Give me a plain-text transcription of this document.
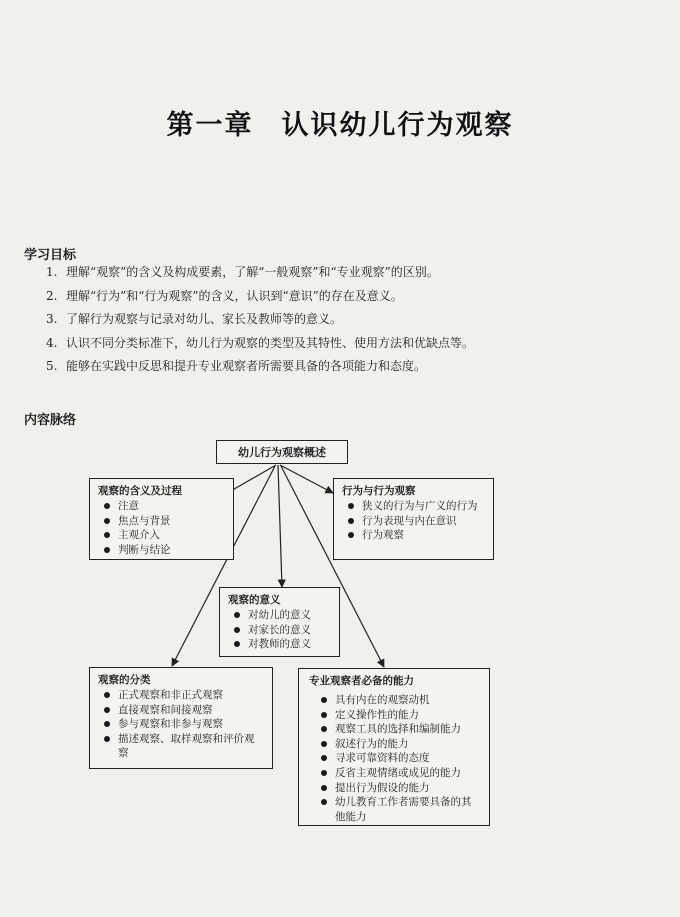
第一章 认识幼儿行为观察
学习目标
1. 理解“观察”的含义及构成要素，了解“一般观察”和“专业观察”的区别。
2. 理解“行为”和“行为观察”的含义，认识到“意识”的存在及意义。
3. 了解行为观察与记录对幼儿、家长及教师等的意义。
4. 认识不同分类标准下，幼儿行为观察的类型及其特性、使用方法和优缺点等。
5. 能够在实践中反思和提升专业观察者所需要具备的各项能力和态度。
内容脉络
幼儿行为观察概述
观察的含义及过程
注意
焦点与背景
主观介入
判断与结论
行为与行为观察
狭义的行为与广义的行为
行为表现与内在意识
行为观察
观察的意义
对幼儿的意义
对家长的意义
对教师的意义
观察的分类
正式观察和非正式观察
直接观察和间接观察
参与观察和非参与观察
描述观察、取样观察和评价观察
专业观察者必备的能力
具有内在的观察动机
定义操作性的能力
观察工具的选择和编制能力
叙述行为的能力
寻求可靠资料的态度
反省主观情绪或成见的能力
提出行为假设的能力
幼儿教育工作者需要具备的其他能力
